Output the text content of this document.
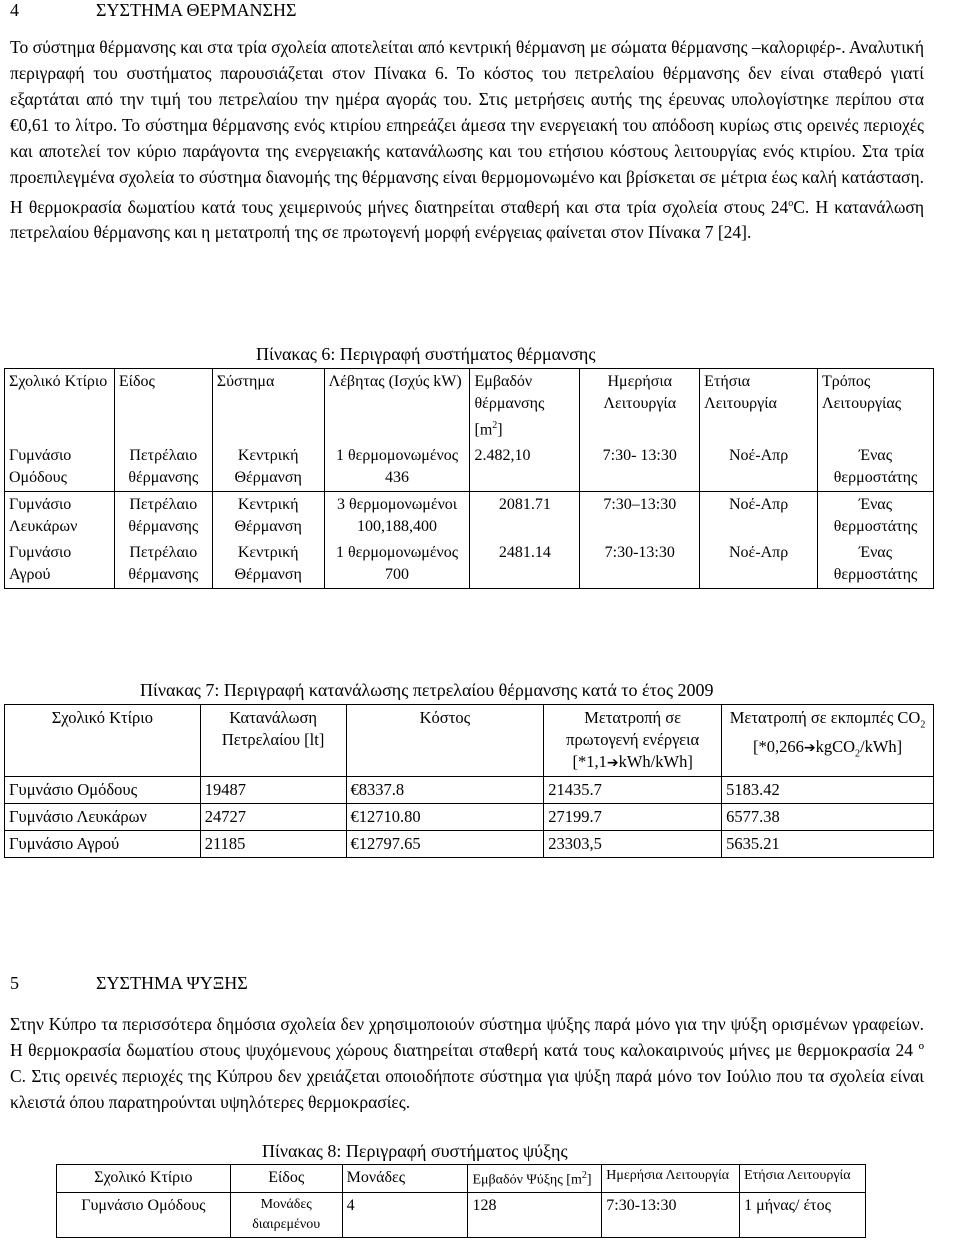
4	ΣΥΣΤΗΜΑ ΘΕΡΜΑΝΣΗΣ

Το σύστημα θέρμανσης και στα τρία σχολεία αποτελείται από κεντρική θέρμανση με σώματα θέρμανσης –καλοριφέρ-. Αναλυτική περιγραφή του συστήματος παρουσιάζεται στον Πίνακα 6. Το κόστος του πετρελαίου θέρμανσης δεν είναι σταθερό γιατί εξαρτάται από την τιμή του πετρελαίου την ημέρα αγοράς του. Στις μετρήσεις αυτής της έρευνας υπολογίστηκε περίπου στα €0,61 το λίτρο. Το σύστημα θέρμανσης ενός κτιρίου επηρεάζει άμεσα την ενεργειακή του απόδοση κυρίως στις ορεινές περιοχές και αποτελεί τον κύριο παράγοντα της ενεργειακής κατανάλωσης και του ετήσιου κόστους λειτουργίας ενός κτιρίου. Στα τρία προεπιλεγμένα σχολεία το σύστημα διανομής της θέρμανσης είναι θερμομονωμένο και βρίσκεται σε μέτρια έως καλή κατάσταση. Η θερμοκρασία δωματίου κατά τους χειμερινούς μήνες διατηρείται σταθερή και στα τρία σχολεία στους $24^oC$. Η κατανάλωση πετρελαίου θέρμανσης και η μετατροπή της σε πρωτογενή μορφή ενέργειας φαίνεται στον Πίνακα 7 [24].

Πίνακας 6: Περιγραφή συστήματος θέρμανσης
Σχολικό Κτίριο	Είδος	Σύστημα	Λέβητας (Ισχύς kW)	Εμβαδόν θέρμανσης $[m^2]$	Ημερήσια Λειτουργία	Ετήσια Λειτουργία	Τρόπος Λειτουργίας
Γυμνάσιο Ομόδους	Πετρέλαιο θέρμανσης	Κεντρική Θέρμανση	1 θερμομονωμένος 436	2.482,10	7:30- 13:30	Νοέ-Απρ	Ένας θερμοστάτης
Γυμνάσιο Λευκάρων	Πετρέλαιο θέρμανσης	Κεντρική Θέρμανση	3 θερμομονωμένοι 100,188,400	2081.71	7:30–13:30	Νοέ-Απρ	Ένας θερμοστάτης
Γυμνάσιο Αγρού	Πετρέλαιο θέρμανσης	Κεντρική Θέρμανση	1 θερμομονωμένος 700	2481.14	7:30-13:30	Νοέ-Απρ	Ένας θερμοστάτης
Πίνακας 7: Περιγραφή κατανάλωσης πετρελαίου θέρμανσης κατά το έτος 2009
Σχολικό Κτίριο	Κατανάλωση Πετρελαίου [lt]	Κόστος	Μετατροπή σε πρωτογενή ενέργεια [*1,1➔kWh/kWh]	Μετατροπή σε εκπομπές $CO_2$
[*0,266➔kgCO$_2$/kWh]
Γυμνάσιο Ομόδους	19487	€8337.8	21435.7	5183.42
Γυμνάσιο Λευκάρων	24727	€12710.80	27199.7	6577.38
Γυμνάσιο Αγρού	21185	€12797.65	23303,5	5635.21
5	ΣΥΣΤΗΜΑ ΨΥΞΗΣ

Στην Κύπρο τα περισσότερα δημόσια σχολεία δεν χρησιμοποιούν σύστημα ψύξης παρά μόνο για την ψύξη ορισμένων γραφείων. Η θερμοκρασία δωματίου στους ψυχόμενους χώρους διατηρείται σταθερή κατά τους καλοκαιρινούς μήνες με θερμοκρασία 24 º C. Στις ορεινές περιοχές της Κύπρου δεν χρειάζεται οποιοδήποτε σύστημα για ψύξη παρά μόνο τον Ιούλιο που τα σχολεία είναι κλειστά όπου παρατηρούνται υψηλότερες θερμοκρασίες.

Πίνακας 8: Περιγραφή συστήματος ψύξης
Σχολικό Κτίριο	Είδος	Μονάδες	Εμβαδόν Ψύξης $[m^2]$	Ημερήσια Λειτουργία	Ετήσια Λειτουργία
Γυμνάσιο Ομόδους	Μονάδες διαιρεμένου	4	128	7:30-13:30	1 μήνας/ έτος
